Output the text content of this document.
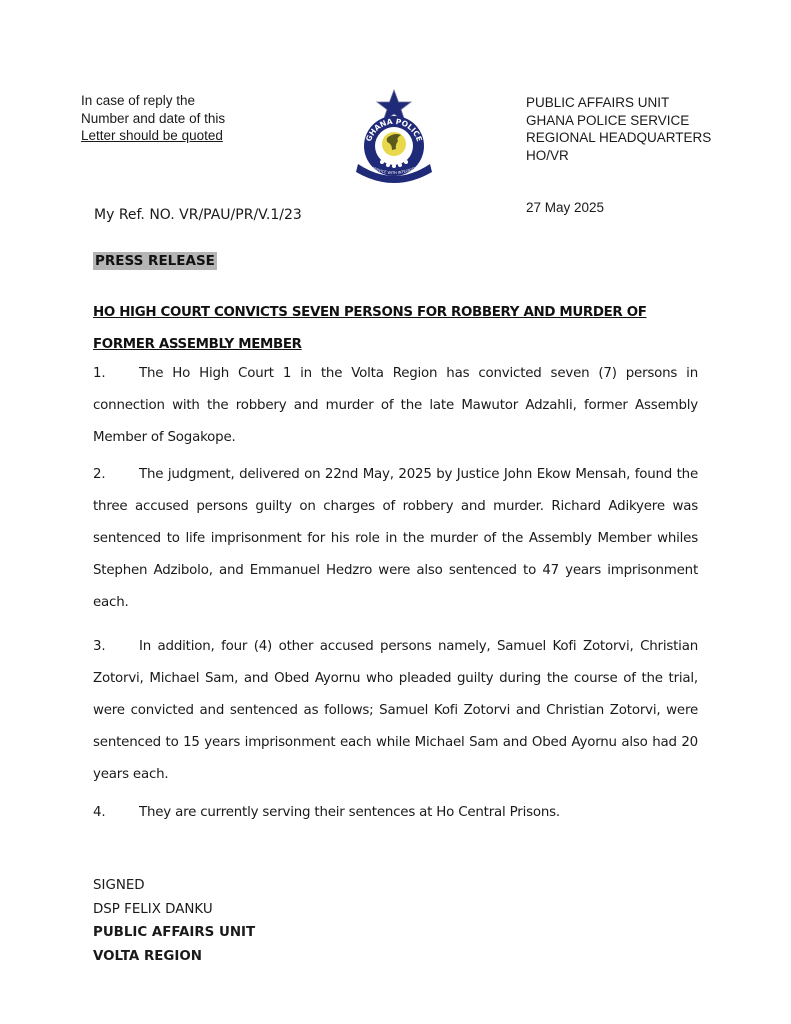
In case of reply the
Number and date of this
Letter should be quoted	GHANA POLICE
SERVICE WITH INTEGRITY
PUBLIC AFFAIRS UNIT
GHANA POLICE SERVICE
REGIONAL HEADQUARTERS
HO/VR
27 May 2025
My Ref. NO. VR/PAU/PR/V.1/23
PRESS RELEASE
HO HIGH COURT CONVICTS SEVEN PERSONS FOR ROBBERY AND MURDER OF FORMER ASSEMBLY MEMBER
1.	The Ho High Court 1 in the Volta Region has convicted seven (7) persons in connection with the robbery and murder of the late Mawutor Adzahli, former Assembly Member of Sogakope.
2.	The judgment, delivered on 22nd May, 2025 by Justice John Ekow Mensah, found the three accused persons guilty on charges of robbery and murder. Richard Adikyere was sentenced to life imprisonment for his role in the murder of the Assembly Member whiles Stephen Adzibolo, and Emmanuel Hedzro were also sentenced to 47 years imprisonment each.
3.	In addition, four (4) other accused persons namely, Samuel Kofi Zotorvi, Christian Zotorvi, Michael Sam, and Obed Ayornu who pleaded guilty during the course of the trial, were convicted and sentenced as follows; Samuel Kofi Zotorvi and Christian Zotorvi, were sentenced to 15 years imprisonment each while Michael Sam and Obed Ayornu also had 20 years each.
4.	They are currently serving their sentences at Ho Central Prisons.
SIGNED
DSP FELIX DANKU
PUBLIC AFFAIRS UNIT
VOLTA REGION
